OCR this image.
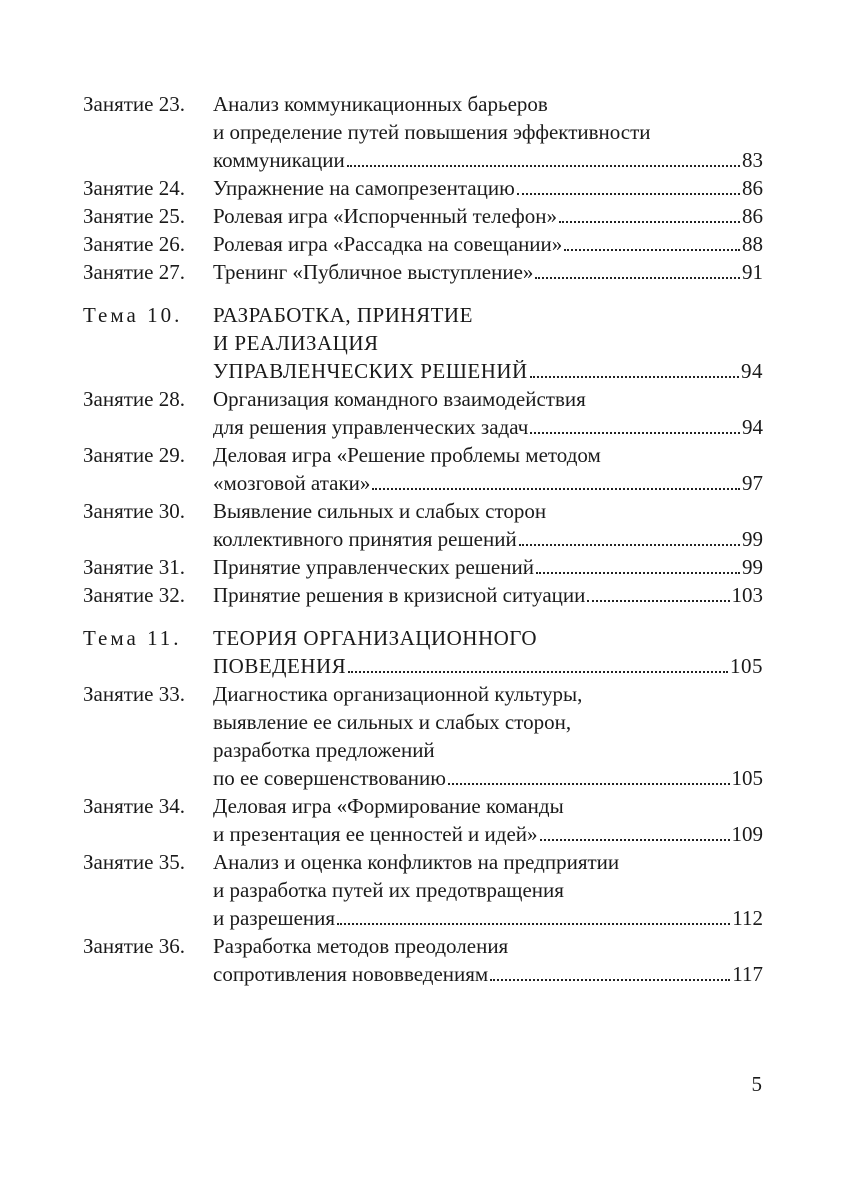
Занятие 23.	Анализ коммуникационных барьеров
и определение путей повышения эффективности
коммуникации	83
Занятие 24.	Упражнение на самопрезентацию	86
Занятие 25.	Ролевая игра «Испорченный телефон»	86
Занятие 26.	Ролевая игра «Рассадка на совещании»	88
Занятие 27.	Тренинг «Публичное выступление»	91
Тема 10.	РАЗРАБОТКА, ПРИНЯТИЕ
И РЕАЛИЗАЦИЯ
УПРАВЛЕНЧЕСКИХ РЕШЕНИЙ	94
Занятие 28.	Организация командного взаимодействия
для решения управленческих задач	94
Занятие 29.	Деловая игра «Решение проблемы методом
«мозговой атаки»	97
Занятие 30.	Выявление сильных и слабых сторон
коллективного принятия решений	99
Занятие 31.	Принятие управленческих решений	99
Занятие 32.	Принятие решения в кризисной ситуации	103
Тема 11.	ТЕОРИЯ ОРГАНИЗАЦИОННОГО
ПОВЕДЕНИЯ	105
Занятие 33.	Диагностика организационной культуры,
выявление ее сильных и слабых сторон,
разработка предложений
по ее совершенствованию	105
Занятие 34.	Деловая игра «Формирование команды
и презентация ее ценностей и идей»	109
Занятие 35.	Анализ и оценка конфликтов на предприятии
и разработка путей их предотвращения
и разрешения	112
Занятие 36.	Разработка методов преодоления
сопротивления нововведениям	117
5
